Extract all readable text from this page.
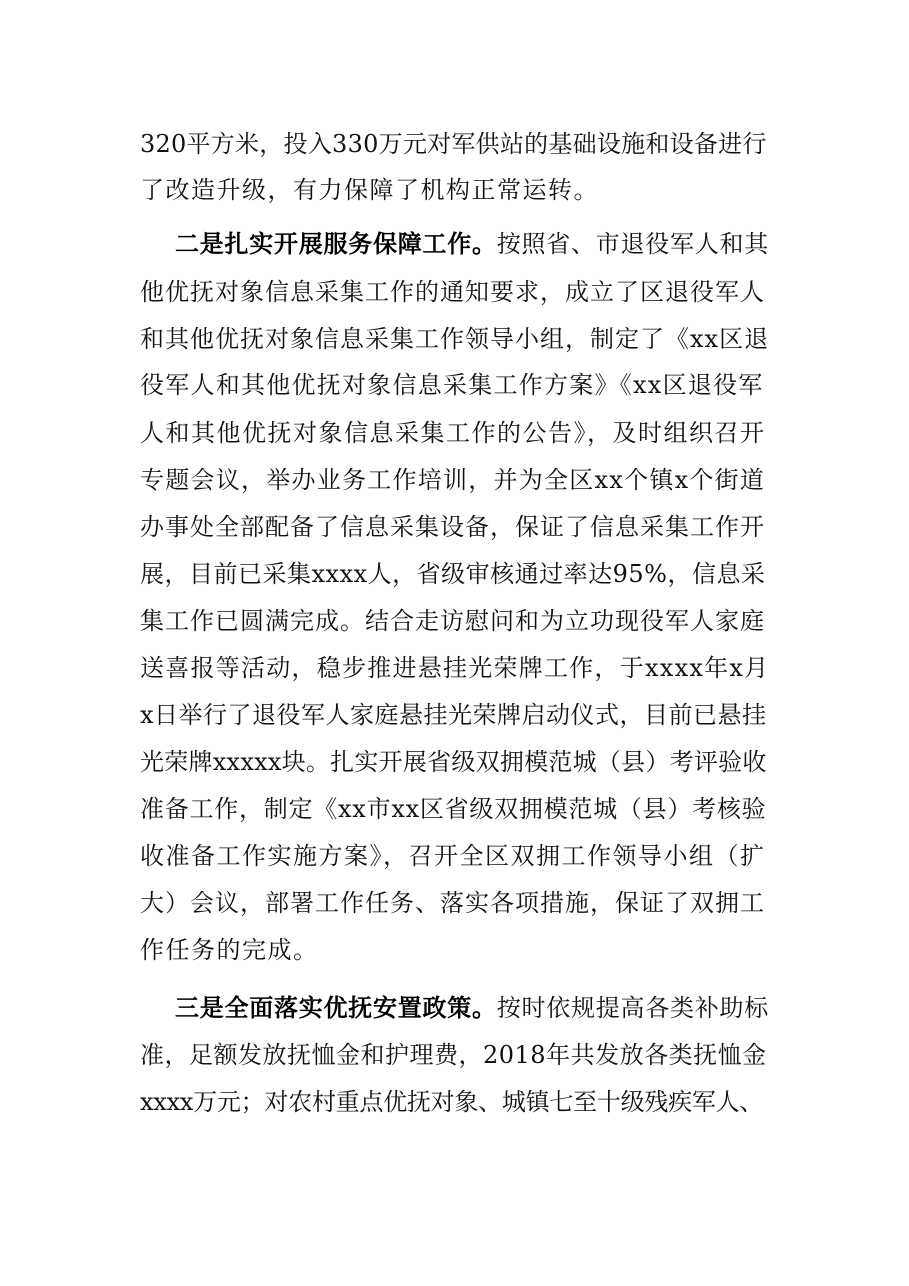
320平方米，投入330万元对军供站的基础设施和设备进行
了改造升级，有力保障了机构正常运转。
二是扎实开展服务保障工作。按照省、市退役军人和其
他优抚对象信息采集工作的通知要求，成立了区退役军人
和其他优抚对象信息采集工作领导小组，制定了《xx区退
役军人和其他优抚对象信息采集工作方案》《xx区退役军
人和其他优抚对象信息采集工作的公告》，及时组织召开
专题会议，举办业务工作培训，并为全区xx个镇x个街道
办事处全部配备了信息采集设备，保证了信息采集工作开
展，目前已采集xxxx人，省级审核通过率达95%，信息采
集工作已圆满完成。结合走访慰问和为立功现役军人家庭
送喜报等活动，稳步推进悬挂光荣牌工作，于xxxx年x月
x日举行了退役军人家庭悬挂光荣牌启动仪式，目前已悬挂
光荣牌xxxxx块。扎实开展省级双拥模范城（县）考评验收
准备工作，制定《xx市xx区省级双拥模范城（县）考核验
收准备工作实施方案》，召开全区双拥工作领导小组（扩
大）会议，部署工作任务、落实各项措施，保证了双拥工
作任务的完成。
三是全面落实优抚安置政策。按时依规提高各类补助标
准，足额发放抚恤金和护理费，2018年共发放各类抚恤金
xxxx万元；对农村重点优抚对象、城镇七至十级残疾军人、
